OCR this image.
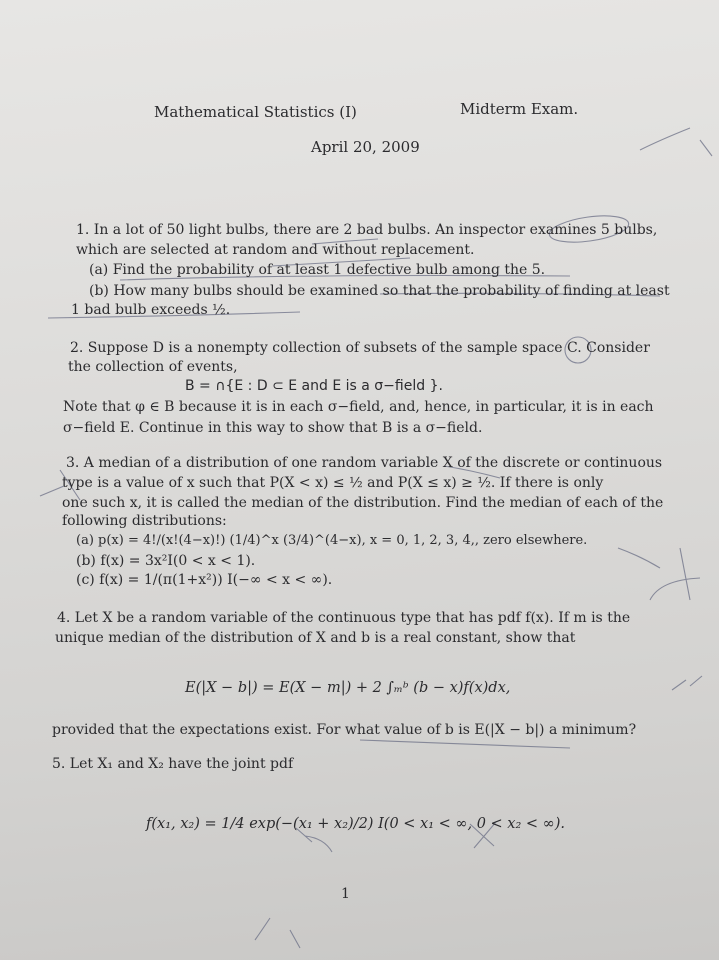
Mathematical Statistics (I)	Midterm Exam.
April 20, 2009
1. In a lot of 50 light bulbs, there are 2 bad bulbs. An inspector examines 5 bulbs,
which are selected at random and without replacement.
(a) Find the probability of at least 1 defective bulb among the 5.
(b) How many bulbs should be examined so that the probability of finding at least
1 bad bulb exceeds ½.
2. Suppose D is a nonempty collection of subsets of the sample space C. Consider
the collection of events,
B = ∩{E : D ⊂ E and E is a σ−field }.
Note that φ ∈ B because it is in each σ−field, and, hence, in particular, it is in each
σ−field E. Continue in this way to show that B is a σ−field.
3. A median of a distribution of one random variable X of the discrete or continuous
type is a value of x such that P(X < x) ≤ ½ and P(X ≤ x) ≥ ½. If there is only
one such x, it is called the median of the distribution. Find the median of each of the
following distributions:
(a) p(x) = 4!/(x!(4−x)!) (1/4)^x (3/4)^(4−x), x = 0, 1, 2, 3, 4,, zero elsewhere.
(b) f(x) = 3x²I(0 < x < 1).
(c) f(x) = 1/(π(1+x²)) I(−∞ < x < ∞).
4. Let X be a random variable of the continuous type that has pdf f(x). If m is the
unique median of the distribution of X and b is a real constant, show that
E(|X − b|) = E(X − m|) + 2 ∫ₘᵇ (b − x)f(x)dx,
provided that the expectations exist. For what value of b is E(|X − b|) a minimum?
5. Let X₁ and X₂ have the joint pdf
f(x₁, x₂) = 1/4 exp(−(x₁ + x₂)/2) I(0 < x₁ < ∞, 0 < x₂ < ∞).
1
